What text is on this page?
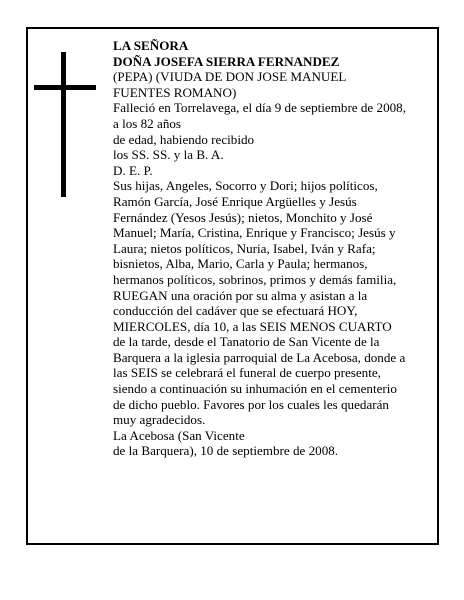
LA SEÑORA
DOÑA JOSEFA SIERRA FERNANDEZ
(PEPA) (VIUDA DE DON JOSE MANUEL
FUENTES ROMANO)
Falleció en Torrelavega, el día 9 de septiembre de 2008,
a los 82 años
de edad, habiendo recibido
los SS. SS. y la B. A.
D. E. P.
Sus hijas, Angeles, Socorro y Dori; hijos políticos,
Ramón García, José Enrique Argüelles y Jesús
Fernández (Yesos Jesús); nietos, Monchito y José
Manuel; María, Cristina, Enrique y Francisco; Jesús y
Laura; nietos políticos, Nuria, Isabel, Iván y Rafa;
bisnietos, Alba, Mario, Carla y Paula; hermanos,
hermanos políticos, sobrinos, primos y demás familia,
RUEGAN una oración por su alma y asistan a la
conducción del cadáver que se efectuará HOY,
MIERCOLES, día 10, a las SEIS MENOS CUARTO
de la tarde, desde el Tanatorio de San Vicente de la
Barquera a la iglesia parroquial de La Acebosa, donde a
las SEIS se celebrará el funeral de cuerpo presente,
siendo a continuación su inhumación en el cementerio
de dicho pueblo. Favores por los cuales les quedarán
muy agradecidos.
La Acebosa (San Vicente
de la Barquera), 10 de septiembre de 2008.
